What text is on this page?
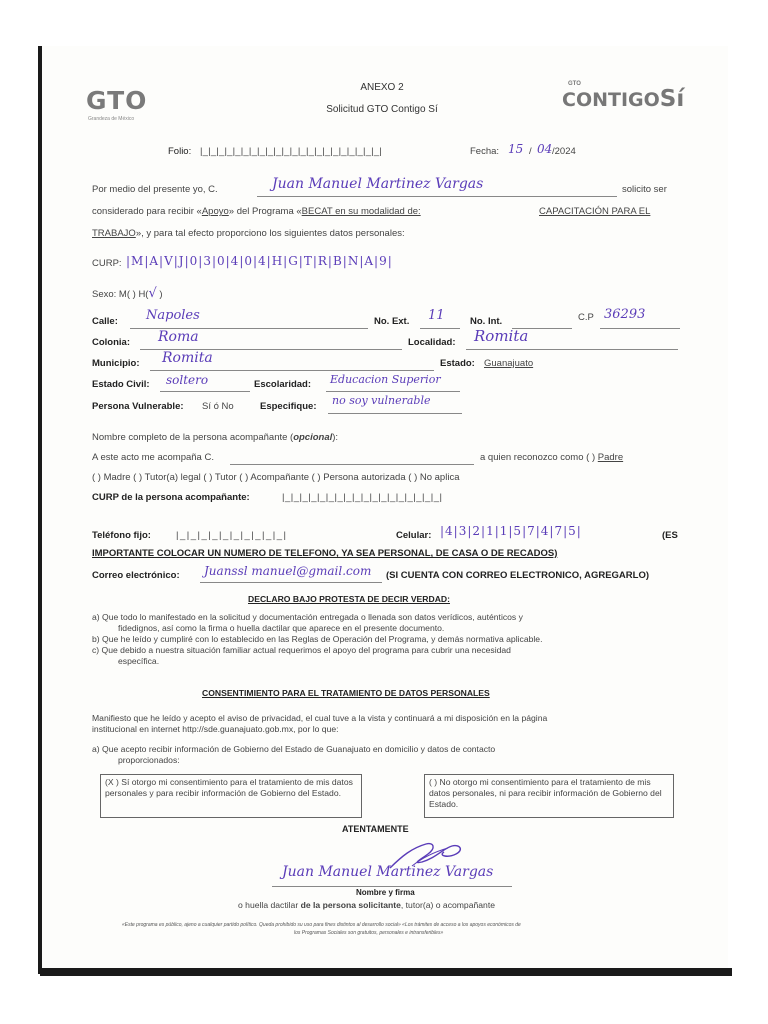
GTO
Grandeza de México
ANEXO 2
Solicitud GTO Contigo Sí
GTO
CONTIGOSí
Folio: |_|_|_|_|_|_|_|_|_|_|_|_|_|_|_|_|_|_|_|_|_|_|	Fecha: 15 / 04 /2024
Por medio del presente yo, C.	Juan Manuel Martinez Vargas	solicito ser
considerado para recibir «Apoyo» del Programa «BECAT en su modalidad de:	CAPACITACIÓN PARA EL
TRABAJO», y para tal efecto proporciono los siguientes datos personales:
CURP: |M|A|V|J|0|3|0|4|0|4|H|G|T|R|B|N|A|9|
Sexo: M( ) H(√ )
Calle: Napoles	No. Ext. 11	No. Int.	C.P 36293
Colonia: Roma	Localidad: Romita
Municipio: Romita	Estado: Guanajuato
Estado Civil: soltero	Escolaridad: Educacion Superior
Persona Vulnerable: Sí ó No	Especifique: no soy vulnerable
Nombre completo de la persona acompañante (opcional):
A este acto me acompaña C.	a quien reconozco como ( ) Padre
( ) Madre ( ) Tutor(a) legal ( ) Tutor ( ) Acompañante ( ) Persona autorizada ( ) No aplica
CURP de la persona acompañante:	|_|_|_|_|_|_|_|_|_|_|_|_|_|_|_|_|_|_|
Teléfono fijo:	|_|_|_|_|_|_|_|_|_|_|	Celular: |4|3|2|1|1|5|7|4|7|5|	(ES
IMPORTANTE COLOCAR UN NUMERO DE TELEFONO, YA SEA PERSONAL, DE CASA O DE RECADOS)
Correo electrónico: Juanssl manuel@gmail.com (SI CUENTA CON CORREO ELECTRONICO, AGREGARLO)
DECLARO BAJO PROTESTA DE DECIR VERDAD:
a) Que todo lo manifestado en la solicitud y documentación entregada o llenada son datos verídicos, auténticos y
fidedignos, así como la firma o huella dactilar que aparece en el presente documento.
b) Que he leído y cumpliré con lo establecido en las Reglas de Operación del Programa, y demás normativa aplicable.
c) Que debido a nuestra situación familiar actual requerimos el apoyo del programa para cubrir una necesidad
específica.
CONSENTIMIENTO PARA EL TRATAMIENTO DE DATOS PERSONALES
Manifiesto que he leído y acepto el aviso de privacidad, el cual tuve a la vista y continuará a mi disposición en la página
institucional en internet http://sde.guanajuato.gob.mx, por lo que:
a) Que acepto recibir información de Gobierno del Estado de Guanajuato en domicilio y datos de contacto
proporcionados:
(X ) Sí otorgo mi consentimiento para el tratamiento de mis datos personales y para recibir información de Gobierno del Estado.
( ) No otorgo mi consentimiento para el tratamiento de mis datos personales, ni para recibir información de Gobierno del Estado.
ATENTAMENTE
Juan Manuel Martinez Vargas
Nombre y firma
o huella dactilar de la persona solicitante, tutor(a) o acompañante
«Este programa es público, ajeno a cualquier partido político. Queda prohibido su uso para fines distintos al desarrollo social» «Los trámites de acceso a los apoyos económicos de
los Programas Sociales son gratuitos, personales e intransferibles»
